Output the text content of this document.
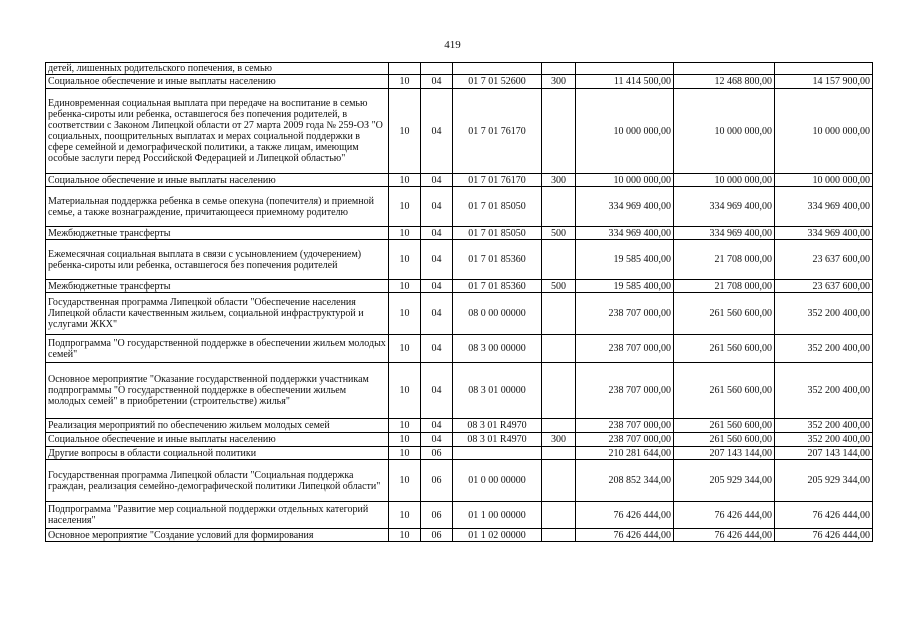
419
детей, лишенных родительского попечения, в семью							
Социальное обеспечение и иные выплаты населению	10	04	01 7 01 52600	300	11 414 500,00	12 468 800,00	14 157 900,00
Единовременная социальная выплата при передаче на воспитание в семью ребенка-сироты или ребенка, оставшегося без попечения родителей, в соответствии с Законом Липецкой области от 27 марта 2009 года № 259-ОЗ "О социальных, поощрительных выплатах и мерах социальной поддержки в сфере семейной и демографической политики, а также лицам, имеющим особые заслуги перед Российской Федерацией и Липецкой областью"	10	04	01 7 01 76170		10 000 000,00	10 000 000,00	10 000 000,00
Социальное обеспечение и иные выплаты населению	10	04	01 7 01 76170	300	10 000 000,00	10 000 000,00	10 000 000,00
Материальная поддержка ребенка в семье опекуна (попечителя) и приемной семье, а также вознаграждение, причитающееся приемному родителю	10	04	01 7 01 85050		334 969 400,00	334 969 400,00	334 969 400,00
Межбюджетные трансферты	10	04	01 7 01 85050	500	334 969 400,00	334 969 400,00	334 969 400,00
Ежемесячная социальная выплата в связи с усыновлением (удочерением) ребенка-сироты или ребенка, оставшегося без попечения родителей	10	04	01 7 01 85360		19 585 400,00	21 708 000,00	23 637 600,00
Межбюджетные трансферты	10	04	01 7 01 85360	500	19 585 400,00	21 708 000,00	23 637 600,00
Государственная программа Липецкой области "Обеспечение населения Липецкой области качественным жильем, социальной инфраструктурой и услугами ЖКХ"	10	04	08 0 00 00000		238 707 000,00	261 560 600,00	352 200 400,00
Подпрограмма "О государственной поддержке в обеспечении жильем молодых семей"	10	04	08 3 00 00000		238 707 000,00	261 560 600,00	352 200 400,00
Основное мероприятие "Оказание государственной поддержки участникам подпрограммы "О государственной поддержке в обеспечении жильем молодых семей" в приобретении (строительстве) жилья"	10	04	08 3 01 00000		238 707 000,00	261 560 600,00	352 200 400,00
Реализация мероприятий по обеспечению жильем молодых семей	10	04	08 3 01 R4970		238 707 000,00	261 560 600,00	352 200 400,00
Социальное обеспечение и иные выплаты населению	10	04	08 3 01 R4970	300	238 707 000,00	261 560 600,00	352 200 400,00
Другие вопросы в области социальной политики	10	06			210 281 644,00	207 143 144,00	207 143 144,00
Государственная программа Липецкой области "Социальная поддержка граждан, реализация семейно-демографической политики Липецкой области"	10	06	01 0 00 00000		208 852 344,00	205 929 344,00	205 929 344,00
Подпрограмма "Развитие мер социальной поддержки отдельных категорий населения"	10	06	01 1 00 00000		76 426 444,00	76 426 444,00	76 426 444,00
Основное мероприятие "Создание условий для формирования	10	06	01 1 02 00000		76 426 444,00	76 426 444,00	76 426 444,00
